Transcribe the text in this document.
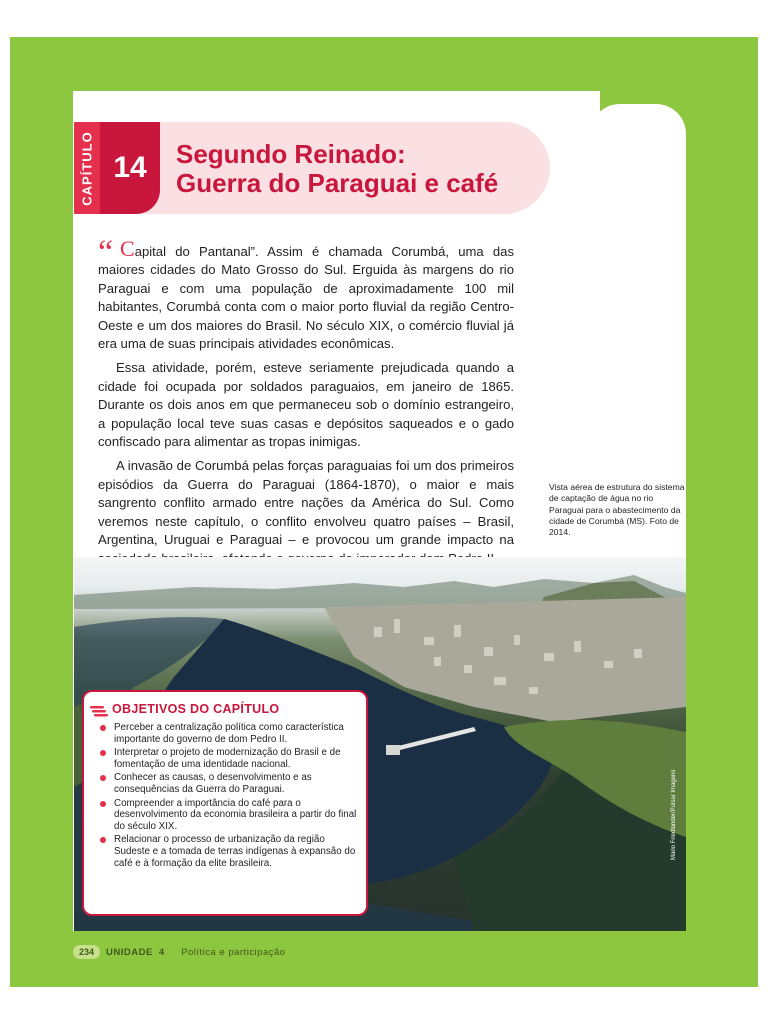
CAPÍTULO 14 Segundo Reinado:
Guerra do Paraguai e café
“ Capital do Pantanal”. Assim é chamada Corumbá, uma das maiores cidades do Mato Grosso do Sul. Erguida às margens do rio Paraguai e com uma população de aproximadamente 100 mil habitantes, Corumbá conta com o maior porto fluvial da região Centro-Oeste e um dos maiores do Brasil. No século XIX, o comércio fluvial já era uma de suas principais atividades econômicas.

Essa atividade, porém, esteve seriamente prejudicada quando a cidade foi ocupada por soldados paraguaios, em janeiro de 1865. Durante os dois anos em que permaneceu sob o domínio estrangeiro, a população local teve suas casas e depósitos saqueados e o gado confiscado para alimentar as tropas inimigas.

A invasão de Corumbá pelas forças paraguaias foi um dos primeiros episódios da Guerra do Paraguai (1864-1870), o maior e mais sangrento conflito armado entre nações da América do Sul. Como veremos neste capítulo, o conflito envolveu quatro países – Brasil, Argentina, Uruguai e Paraguai – e provocou um grande impacto na

Vista aérea de estrutura do sistema de captação de água no rio Paraguai para o abastecimento da cidade de Corumbá (MS). Foto de 2014.
Mario Friedlander/Pulsar Imagens
OBJETIVOS DO CAPÍTULO
Perceber a centralização política como característica importante do governo de dom Pedro II.
Interpretar o projeto de modernização do Brasil e de fomentação de uma identidade nacional.
Conhecer as causas, o desenvolvimento e as consequências da Guerra do Paraguai.
Compreender a importância do café para o desenvolvimento da economia brasileira a partir do final do século XIX.
Relacionar o processo de urbanização da região Sudeste e a tomada de terras indígenas à expansão do café e à formação da elite brasileira.
234	UNIDADE 4 Política e participação
